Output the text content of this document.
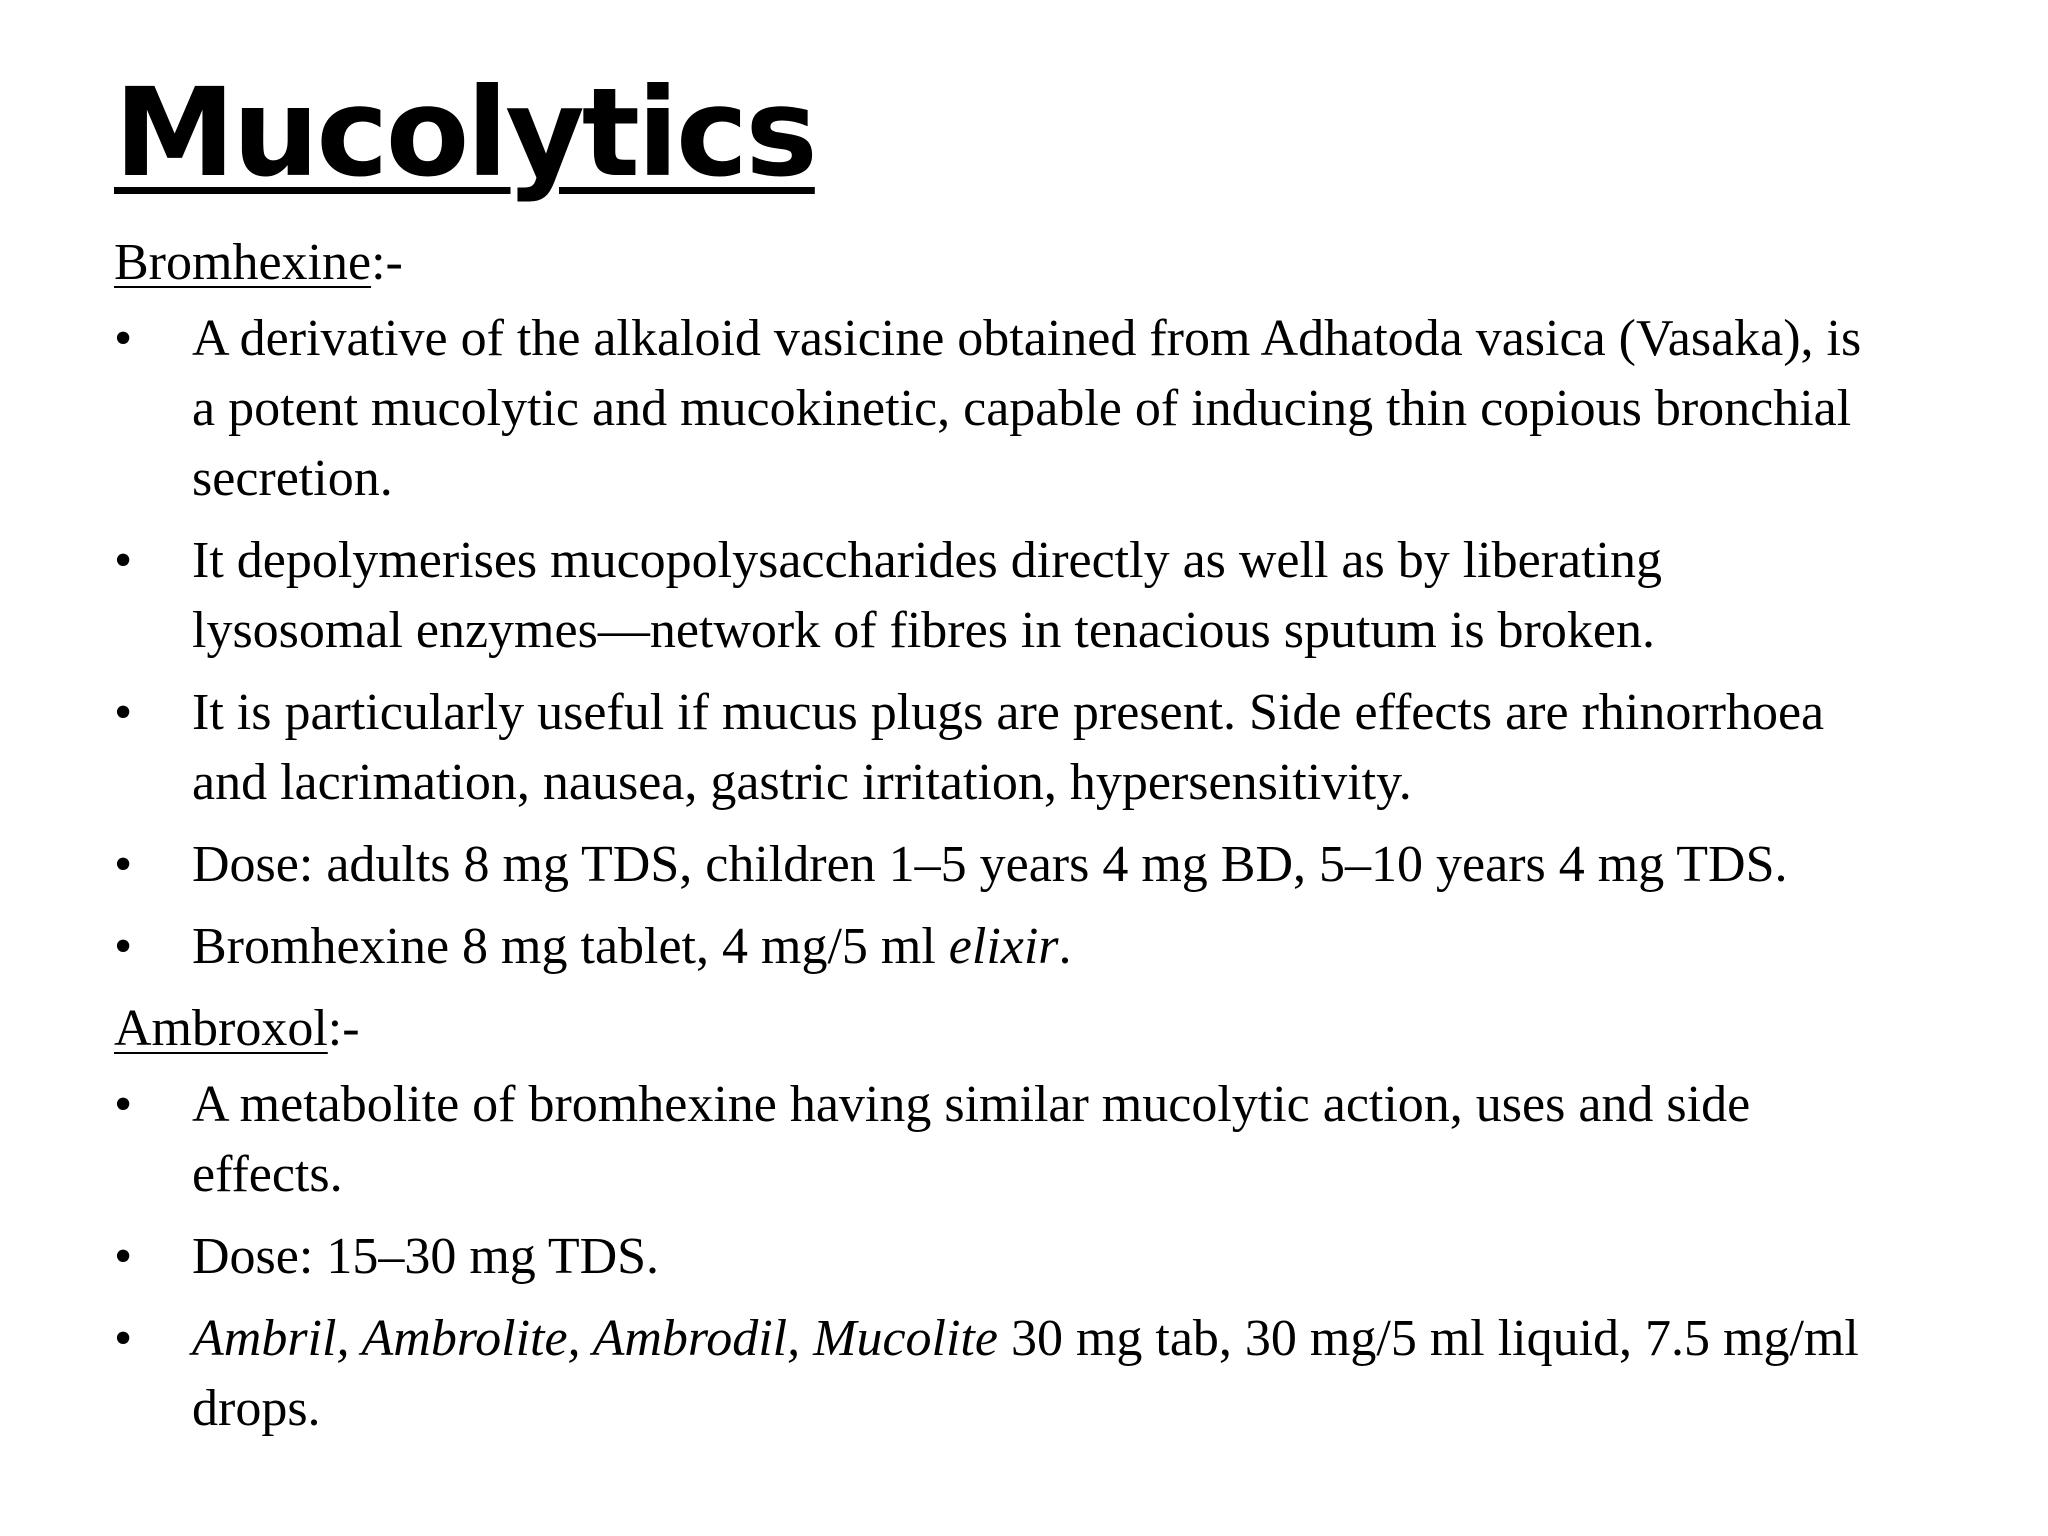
Mucolytics

Bromhexine:-

•	A derivative of the alkaloid vasicine obtained from Adhatoda vasica (Vasaka), is a potent mucolytic and mucokinetic, capable of inducing thin copious bronchial secretion.
•	It depolymerises mucopolysaccharides directly as well as by liberating lysosomal enzymes—network of fibres in tenacious sputum is broken.
•	It is particularly useful if mucus plugs are present. Side effects are rhinorrhoea and lacrimation, nausea, gastric irritation, hypersensitivity.
•	Dose: adults 8 mg TDS, children 1–5 years 4 mg BD, 5–10 years 4 mg TDS.
•	Bromhexine 8 mg tablet, 4 mg/5 ml elixir.

Ambroxol:-

•	A metabolite of bromhexine having similar mucolytic action, uses and side effects.
•	Dose: 15–30 mg TDS.
•	Ambril, Ambrolite, Ambrodil, Mucolite 30 mg tab, 30 mg/5 ml liquid, 7.5 mg/ml drops.
